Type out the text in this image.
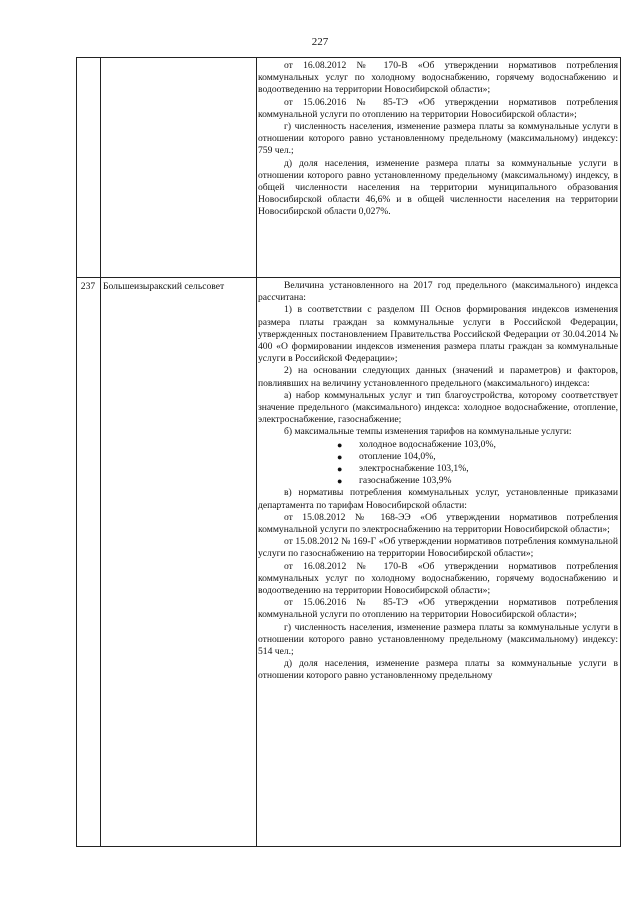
227
237 Большеизыракский сельсовет

от 16.08.2012 № 170-В «Об утверждении нормативов потребления коммунальных услуг по холодному водоснабжению, горячему водоснабжению и водоотведению на территории Новосибирской области»;

от 15.06.2016 № 85-ТЭ «Об утверждении нормативов потребления коммунальной услуги по отоплению на территории Новосибирской области»;

г) численность населения, изменение размера платы за коммунальные услуги в отношении которого равно установленному предельному (максимальному) индексу: 759 чел.;

д) доля населения, изменение размера платы за коммунальные услуги в отношении которого равно установленному предельному (максимальному) индексу, в общей численности населения на территории муниципального образования Новосибирской области 46,6% и в общей численности населения на территории Новосибирской области 0,027%.

Величина установленного на 2017 год предельного (максимального) индекса рассчитана:

1) в соответствии с разделом III Основ формирования индексов изменения размера платы граждан за коммунальные услуги в Российской Федерации, утвержденных постановлением Правительства Российской Федерации от 30.04.2014 № 400 «О формировании индексов изменения размера платы граждан за коммунальные услуги в Российской Федерации»;

2) на основании следующих данных (значений и параметров) и факторов, повлиявших на величину установленного предельного (максимального) индекса:

а) набор коммунальных услуг и тип благоустройства, которому соответствует значение предельного (максимального) индекса: холодное водоснабжение, отопление, электроснабжение, газоснабжение;

б) максимальные темпы изменения тарифов на коммунальные услуги:

● холодное водоснабжение 103,0%,
● отопление 104,0%,
● электроснабжение 103,1%,
● газоснабжение 103,9%

в) нормативы потребления коммунальных услуг, установленные приказами департамента по тарифам Новосибирской области:

от 15.08.2012 № 168-ЭЭ «Об утверждении нормативов потребления коммунальной услуги по электроснабжению на территории Новосибирской области»;

от 15.08.2012 № 169-Г «Об утверждении нормативов потребления коммунальной услуги по газоснабжению на территории Новосибирской области»;

от 16.08.2012 № 170-В «Об утверждении нормативов потребления коммунальных услуг по холодному водоснабжению, горячему водоснабжению и водоотведению на территории Новосибирской области»;

от 15.06.2016 № 85-ТЭ «Об утверждении нормативов потребления коммунальной услуги по отоплению на территории Новосибирской области»;

г) численность населения, изменение размера платы за коммунальные услуги в отношении которого равно установленному предельному (максимальному) индексу: 514 чел.;

д) доля населения, изменение размера платы за коммунальные услуги в отношении которого равно установленному предельному
